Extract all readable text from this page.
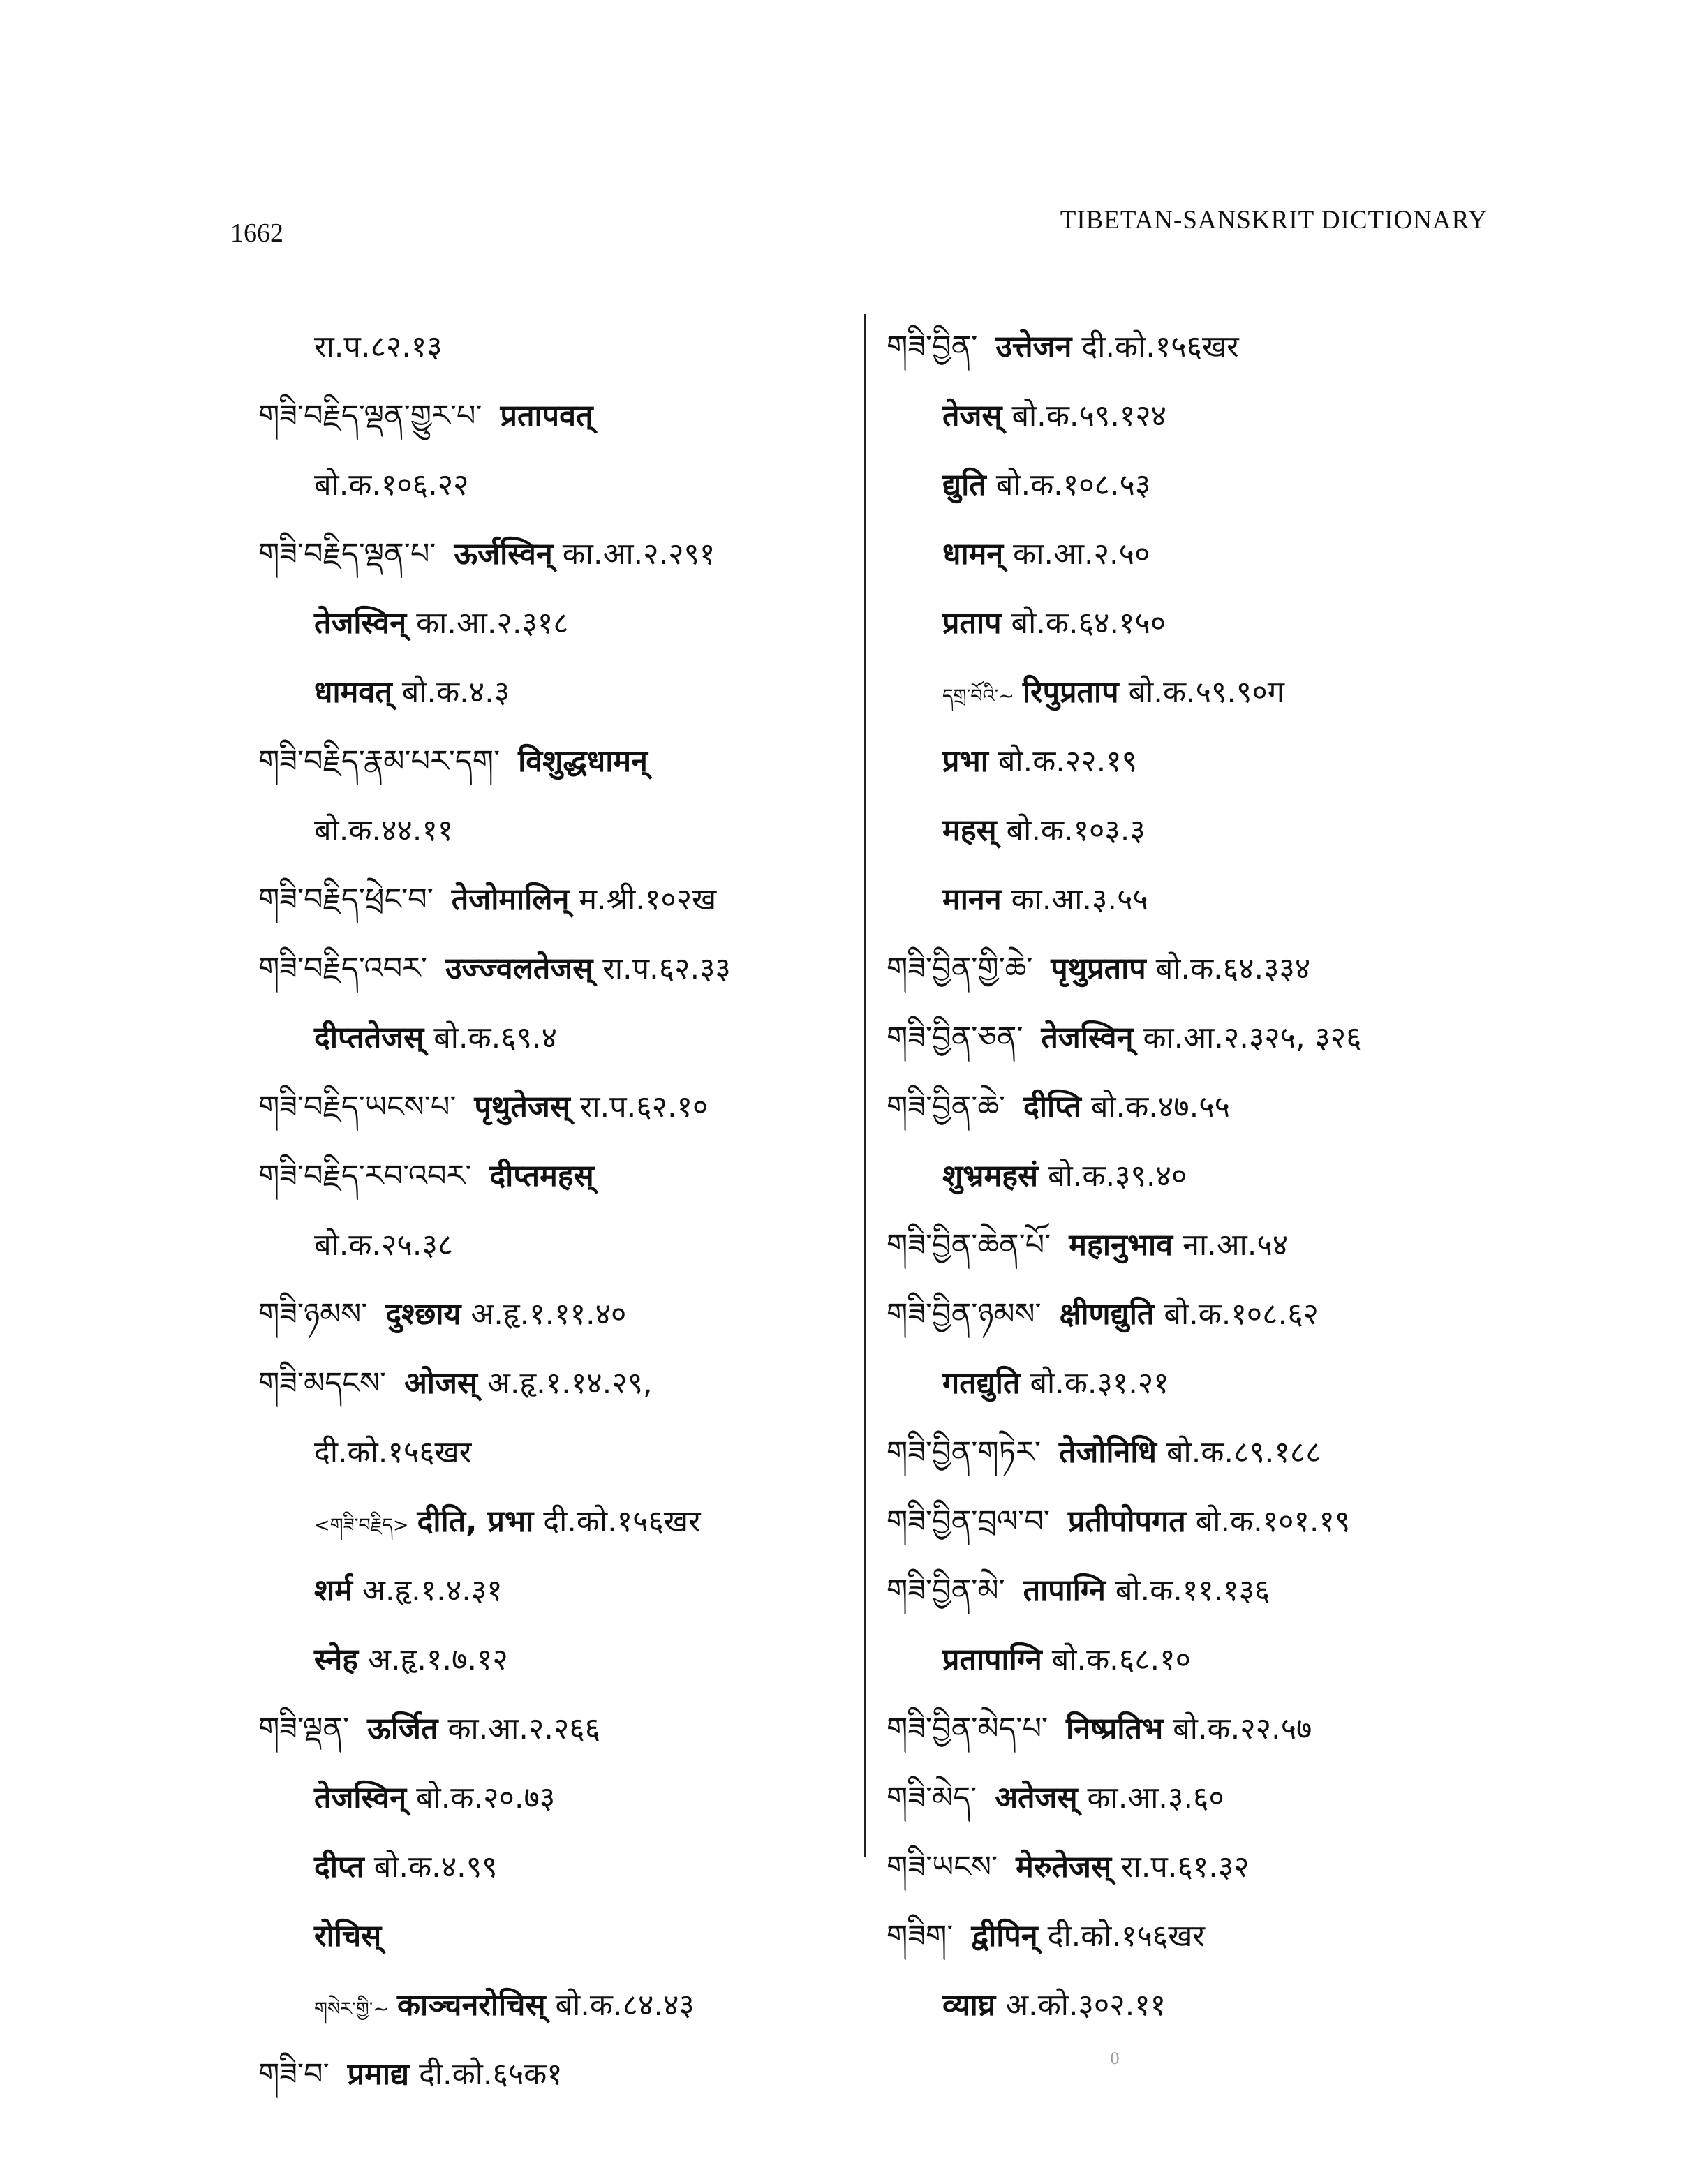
1662	TIBETAN-SANSKRIT DICTIONARY
रा.प.८२.१३
གཟི་བརྗིད་ལྡན་གྱུར་པ་ प्रतापवत्
बो.क.१०६.२२
གཟི་བརྗིད་ལྡན་པ་ ऊर्जस्विन् का.आ.२.२९१
तेजस्विन् का.आ.२.३१८
धामवत् बो.क.४.३
གཟི་བརྗིད་རྣམ་པར་དག་ विशुद्धधामन्
बो.क.४४.११
གཟི་བརྗིད་ཕྲེང་བ་ तेजोमालिन् म.श्री.१०२ख
གཟི་བརྗིད་འབར་ उज्ज्वलतेजस् रा.प.६२.३३
दीप्ततेजस् बो.क.६९.४
གཟི་བརྗིད་ཡངས་པ་ पृथुतेजस् रा.प.६२.१०
གཟི་བརྗིད་རབ་འབར་ दीप्तमहस्
बो.क.२५.३८
གཟི་ཉམས་ दुश्छाय अ.हृ.१.११.४०
གཟི་མདངས་ ओजस् अ.हृ.१.१४.२९,
दी.को.१५६खर
<གཟི་བརྗིད> दीति, प्रभा दी.को.१५६खर
शर्म अ.हृ.१.४.३१
स्नेह अ.हृ.१.७.१२
གཟི་ལྡན་ ऊर्जित का.आ.२.२६६
तेजस्विन् बो.क.२०.७३
दीप्त बो.क.४.९९
रोचिस्
གསེར་གྱི་~ काञ्चनरोचिस् बो.क.८४.४३
གཟི་བ་ प्रमाद्य दी.को.६५क१
གཟི་བྱིན་ उत्तेजन दी.को.१५६खर
तेजस् बो.क.५९.१२४
द्युति बो.क.१०८.५३
धामन् का.आ.२.५०
प्रताप बो.क.६४.१५०
དགྲ་བོའི་~ रिपुप्रताप बो.क.५९.९०ग
प्रभा बो.क.२२.१९
महस् बो.क.१०३.३
मानन का.आ.३.५५
གཟི་བྱིན་གྱི་ཆེ་ पृथुप्रताप बो.क.६४.३३४
གཟི་བྱིན་ཅན་ तेजस्विन् का.आ.२.३२५, ३२६
གཟི་བྱིན་ཆེ་ दीप्ति बो.क.४७.५५
शुभ्रमहसं बो.क.३९.४०
གཟི་བྱིན་ཆེན་པོ་ महानुभाव ना.आ.५४
གཟི་བྱིན་ཉམས་ क्षीणद्युति बो.क.१०८.६२
गतद्युति बो.क.३१.२१
གཟི་བྱིན་གཏེར་ तेजोनिधि बो.क.८९.१८८
གཟི་བྱིན་བྲལ་བ་ प्रतीपोपगत बो.क.१०१.१९
གཟི་བྱིན་མེ་ तापाग्नि बो.क.११.१३६
प्रतापाग्नि बो.क.६८.१०
གཟི་བྱིན་མེད་པ་ निष्प्रतिभ बो.क.२२.५७
གཟི་མེད་ अतेजस् का.आ.३.६०
གཟི་ཡངས་ मेरुतेजस् रा.प.६१.३२
གཟིག་ द्वीपिन् दी.को.१५६खर
व्याघ्र अ.को.३०२.११
0
